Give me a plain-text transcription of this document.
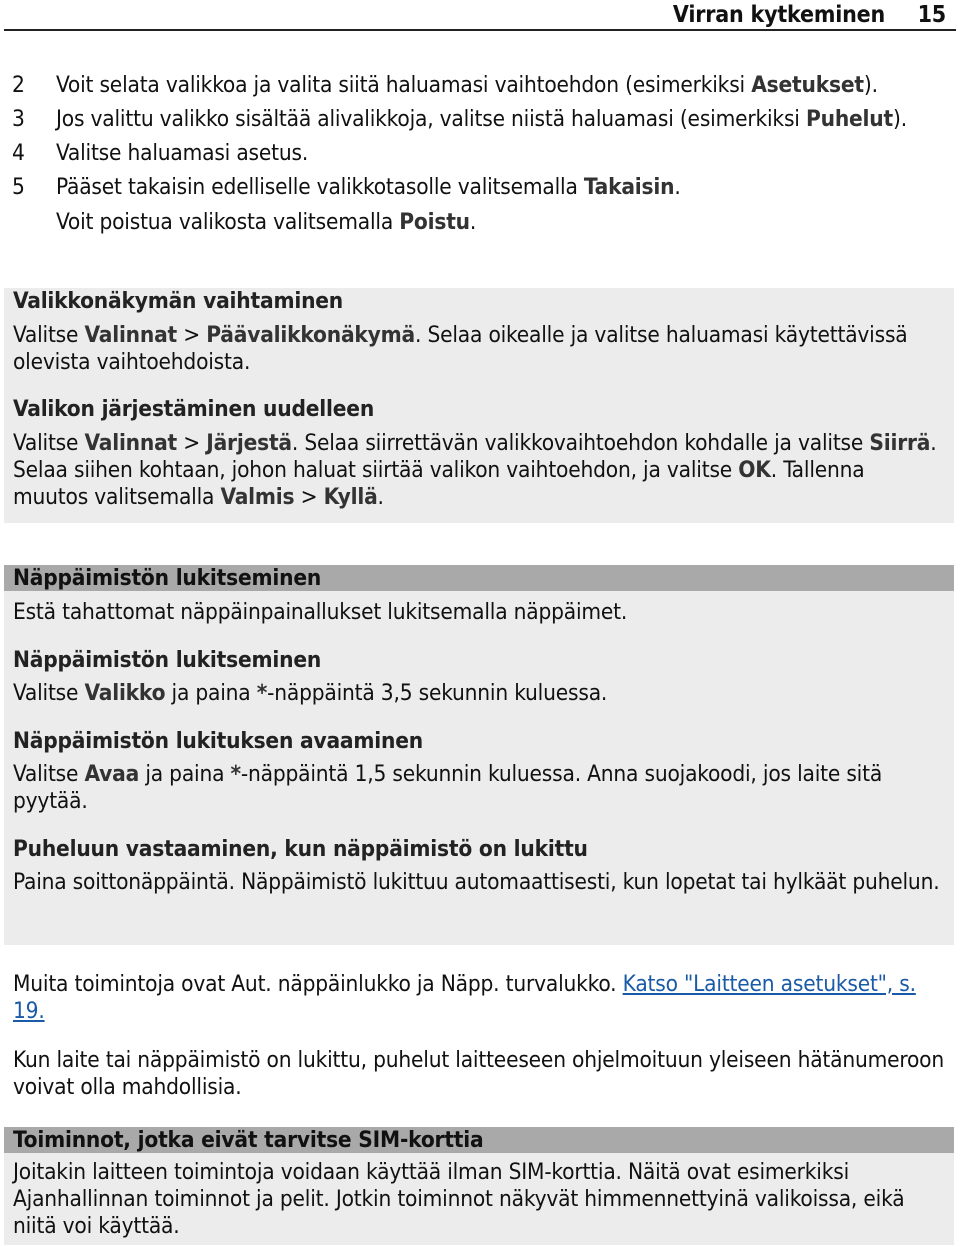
Virran kytkeminen 15
2 Voit selata valikkoa ja valita siitä haluamasi vaihtoehdon (esimerkiksi Asetukset).
3 Jos valittu valikko sisältää alivalikkoja, valitse niistä haluamasi (esimerkiksi Puhelut).
4 Valitse haluamasi asetus.
5 Pääset takaisin edelliselle valikkotasolle valitsemalla Takaisin.
Voit poistua valikosta valitsemalla Poistu.
Valikkonäkymän vaihtaminen
Valitse Valinnat > Päävalikkonäkymä. Selaa oikealle ja valitse haluamasi käytettävissä olevista vaihtoehdoista.
Valikon järjestäminen uudelleen
Valitse Valinnat > Järjestä. Selaa siirrettävän valikkovaihtoehdon kohdalle ja valitse Siirrä. Selaa siihen kohtaan, johon haluat siirtää valikon vaihtoehdon, ja valitse OK. Tallenna muutos valitsemalla Valmis > Kyllä.
Näppäimistön lukitseminen
Estä tahattomat näppäinpainallukset lukitsemalla näppäimet.
Näppäimistön lukitseminen
Valitse Valikko ja paina *-näppäintä 3,5 sekunnin kuluessa.
Näppäimistön lukituksen avaaminen
Valitse Avaa ja paina *-näppäintä 1,5 sekunnin kuluessa. Anna suojakoodi, jos laite sitä pyytää.
Puheluun vastaaminen, kun näppäimistö on lukittu
Paina soittonäppäintä. Näppäimistö lukittuu automaattisesti, kun lopetat tai hylkäät puhelun.

Muita toimintoja ovat Aut. näppäinlukko ja Näpp. turvalukko. Katso "Laitteen asetukset", s. 19.

Kun laite tai näppäimistö on lukittu, puhelut laitteeseen ohjelmoituun yleiseen hätänumeroon voivat olla mahdollisia.

Toiminnot, jotka eivät tarvitse SIM-korttia
Joitakin laitteen toimintoja voidaan käyttää ilman SIM-korttia. Näitä ovat esimerkiksi Ajanhallinnan toiminnot ja pelit. Jotkin toiminnot näkyvät himmennettyinä valikoissa, eikä niitä voi käyttää.
